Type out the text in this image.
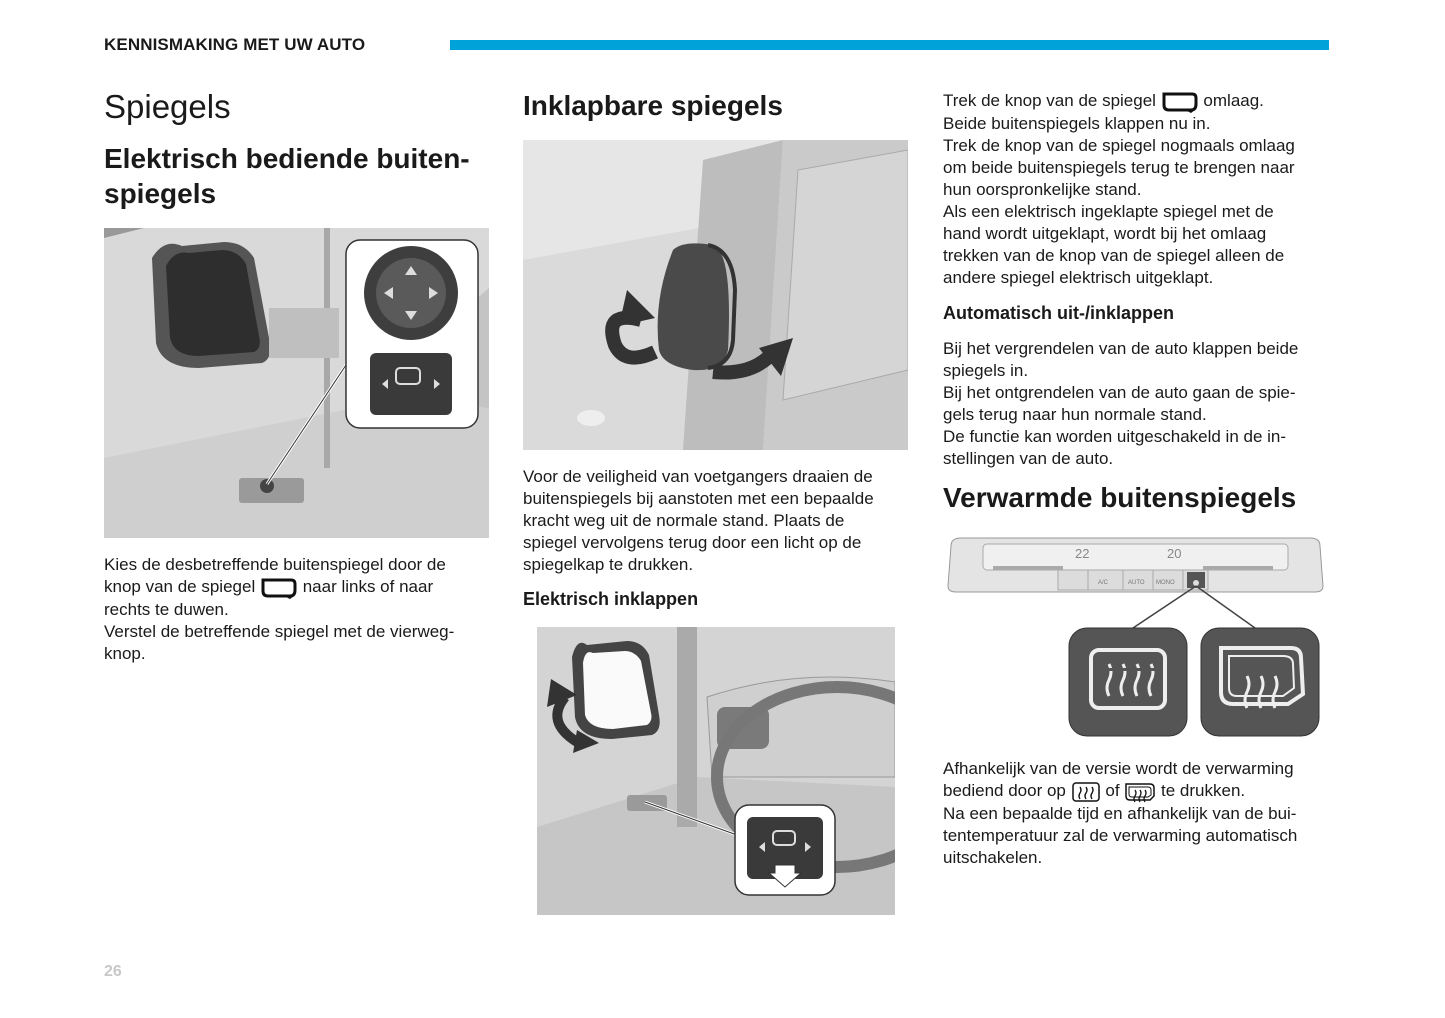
KENNISMAKING MET UW AUTO
Spiegels
Elektrisch bediende buiten-
spiegels
Kies de desbetreffende buitenspiegel door de
knop van de spiegel	naar links of naar
rechts te duwen.
Verstel de betreffende spiegel met de vierweg-
knop.
Inklapbare spiegels
Voor de veiligheid van voetgangers draaien de
buitenspiegels bij aanstoten met een bepaalde
kracht weg uit de normale stand. Plaats de
spiegel vervolgens terug door een licht op de
spiegelkap te drukken.
Elektrisch inklappen
Trek de knop van de spiegel	omlaag.
Beide buitenspiegels klappen nu in.
Trek de knop van de spiegel nogmaals omlaag
om beide buitenspiegels terug te brengen naar
hun oorspronkelijke stand.
Als een elektrisch ingeklapte spiegel met de
hand wordt uitgeklapt, wordt bij het omlaag
trekken van de knop van de spiegel alleen de
andere spiegel elektrisch uitgeklapt.
Automatisch uit-/inklappen
Bij het vergrendelen van de auto klappen beide
spiegels in.
Bij het ontgrendelen van de auto gaan de spie-
gels terug naar hun normale stand.
De functie kan worden uitgeschakeld in de in-
stellingen van de auto.
Verwarmde buitenspiegels
22	20
A/C	AUTO MONO
Afhankelijk van de versie wordt de verwarming
bediend door op of te drukken.
Na een bepaalde tijd en afhankelijk van de bui-
tentemperatuur zal de verwarming automatisch
uitschakelen.
26
